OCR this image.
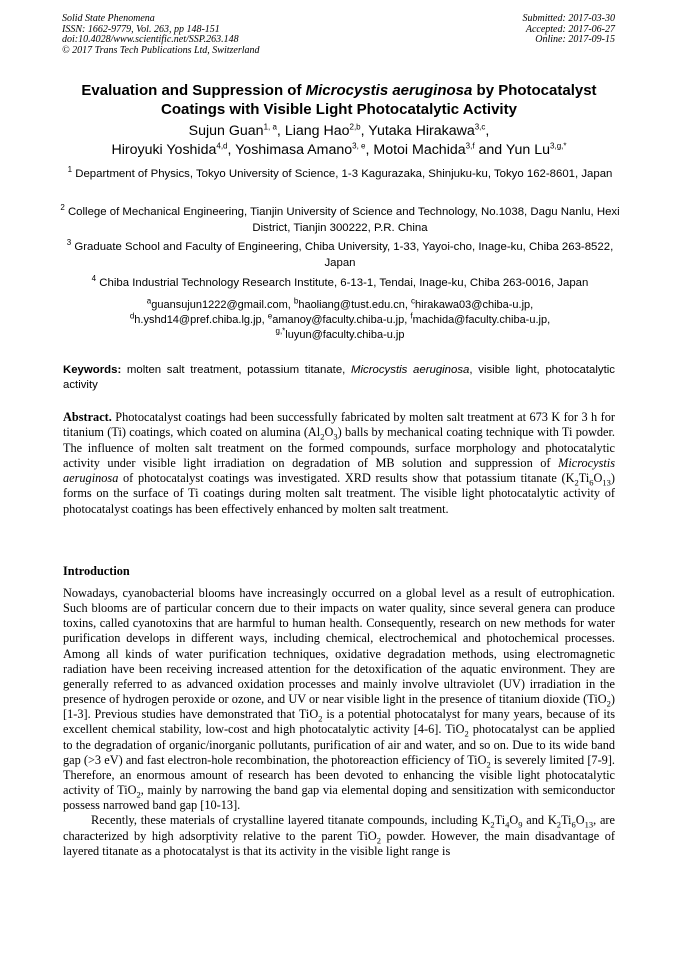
Solid State Phenomena
ISSN: 1662-9779, Vol. 263, pp 148-151
doi:10.4028/www.scientific.net/SSP.263.148
© 2017 Trans Tech Publications Ltd, Switzerland
Submitted: 2017-03-30
Accepted: 2017-06-27
Online: 2017-09-15
Evaluation and Suppression of Microcystis aeruginosa by Photocatalyst Coatings with Visible Light Photocatalytic Activity
Sujun Guan$^{1, a}$, Liang Hao$^{2,b}$, Yutaka Hirakawa$^{3,c}$,
Hiroyuki Yoshida$^{4,d}$, Yoshimasa Amano$^{3, e}$, Motoi Machida$^{3,f}$ and Yun $Lu^{3,g,*}$
$^1$ Department of Physics, Tokyo University of Science, 1-3 Kagurazaka, Shinjuku-ku, Tokyo 162-8601, Japan
$^2$ College of Mechanical Engineering, Tianjin University of Science and Technology, No.1038, Dagu Nanlu, Hexi District, Tianjin 300222, P.R. China
$^3$ Graduate School and Faculty of Engineering, Chiba University, 1-33, Yayoi-cho, Inage-ku, Chiba 263-8522, Japan
$^4$ Chiba Industrial Technology Research Institute, 6-13-1, Tendai, Inage-ku, Chiba 263-0016, Japan
$^a$guansujun1222@gmail.com, $^b$haoliang@tust.edu.cn, $^c$hirakawa03@chiba-u.jp,
$^d$h.yshd14@pref.chiba.lg.jp, $^e$amanoy@faculty.chiba-u.jp, $^f$machida@faculty.chiba-u.jp,
$^{g,*}$luyun@faculty.chiba-u.jp
Keywords: molten salt treatment, potassium titanate, Microcystis aeruginosa, visible light, photocatalytic activity
Abstract. Photocatalyst coatings had been successfully fabricated by molten salt treatment at 673 K for 3 h for titanium (Ti) coatings, which coated on alumina $(Al_2O_3)$ balls by mechanical coating technique with Ti powder. The influence of molten salt treatment on the formed compounds, surface morphology and photocatalytic activity under visible light irradiation on degradation of MB solution and suppression of Microcystis aeruginosa of photocatalyst coatings was investigated. XRD results show that potassium titanate $(K_2Ti_6O_{13})$ forms on the surface of Ti coatings during molten salt treatment. The visible light photocatalytic activity of photocatalyst coatings has been effectively enhanced by molten salt treatment.
Introduction

Nowadays, cyanobacterial blooms have increasingly occurred on a global level as a result of eutrophication. Such blooms are of particular concern due to their impacts on water quality, since several genera can produce toxins, called cyanotoxins that are harmful to human health. Consequently, research on new methods for water purification develops in different ways, including chemical, electrochemical and photochemical processes. Among all kinds of water purification techniques, oxidative degradation methods, using electromagnetic radiation have been receiving increased attention for the detoxification of the aquatic environment. They are generally referred to as advanced oxidation processes and mainly involve ultraviolet (UV) irradiation in the presence of hydrogen peroxide or ozone, and UV or near visible light in the presence of titanium dioxide (TiO$_2$) [1-3]. Previous studies have demonstrated that TiO$_2$ is a potential photocatalyst for many years, because of its excellent chemical stability, low-cost and high photocatalytic activity [4-6]. TiO$_2$ photocatalyst can be applied to the degradation of organic/inorganic pollutants, purification of air and water, and so on. Due to its wide band gap (>3 eV) and fast electron-hole recombination, the photoreaction efficiency of TiO$_2$ is severely limited [7-9]. Therefore, an enormous amount of research has been devoted to enhancing the visible light photocatalytic activity of TiO$_2$, mainly by narrowing the band gap via elemental doping and sensitization with semiconductor possess narrowed band gap [10-13].

Recently, these materials of crystalline layered titanate compounds, including $K_2Ti_4O_9$ and $K_2Ti_6O_{13}$, are characterized by high adsorptivity relative to the parent TiO$_2$ powder. However, the main disadvantage of layered titanate as a photocatalyst is that its activity in the visible light range is
